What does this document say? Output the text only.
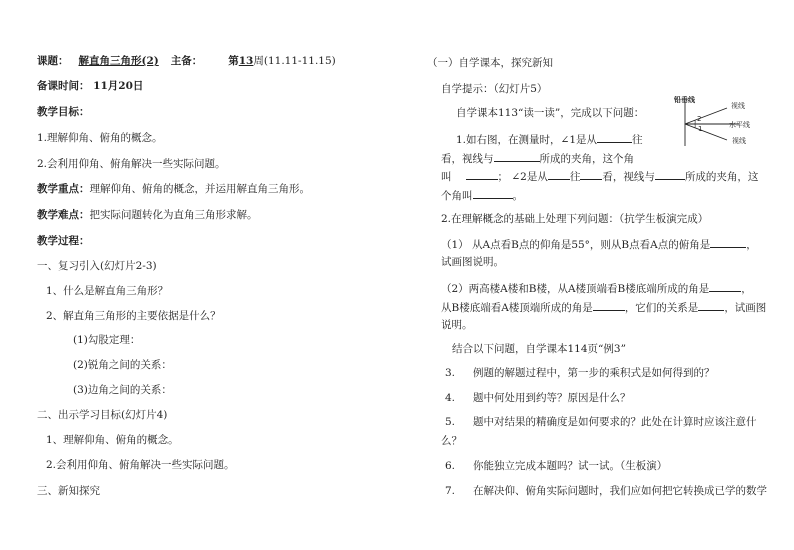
课题： 解直角三角形(2) 主备： 第13周(11.11-11.15)
备课时间： 11月20日
教学目标：
1.理解仰角、俯角的概念。
2.会利用仰角、俯角解决一些实际问题。
教学重点：理解仰角、俯角的概念，并运用解直角三角形。
教学难点：把实际问题转化为直角三角形求解。
教学过程：
一、复习引入(幻灯片2-3)
1、什么是解直角三角形？
2、解直角三角形的主要依据是什么？
(1)勾股定理：
(2)锐角之间的关系：
(3)边角之间的关系：
二、出示学习目标(幻灯片4)
1、理解仰角、俯角的概念。
2.会利用仰角、俯角解决一些实际问题。
三、新知探究
（一）自学课本，探究新知
自学提示：（幻灯片5）
自学课本113“读一读”，完成以下问题：
1.如右图，在测量时，∠1是从	往
看，视线与	所成的夹角，这个角
叫	； ∠2是从 往 看，视线与	所成的夹角，这
个角叫	。
2.在理解概念的基础上处理下列问题：（抗学生板演完成）
（1） 从A点看B点的仰角是55°，则从B点看A点的俯角是	，
试画图说明。
（2）两高楼A楼和B楼，从A楼顶端看B楼底端所成的角是	，
从B楼底端看A楼顶端所成的角是	，它们的关系是 ，试画图
说明。
结合以下问题，自学课本114页“例3”
3. 例题的解题过程中，第一步的乘积式是如何得到的？
4. 题中何处用到约等？原因是什么？
5. 题中对结果的精确度是如何要求的？此处在计算时应该注意什
么？
6. 你能独立完成本题吗？试一试。（生板演）
7. 在解决仰、俯角实际问题时，我们应如何把它转换成已学的数学
铅垂线
视线
水平线
视线
2
1
